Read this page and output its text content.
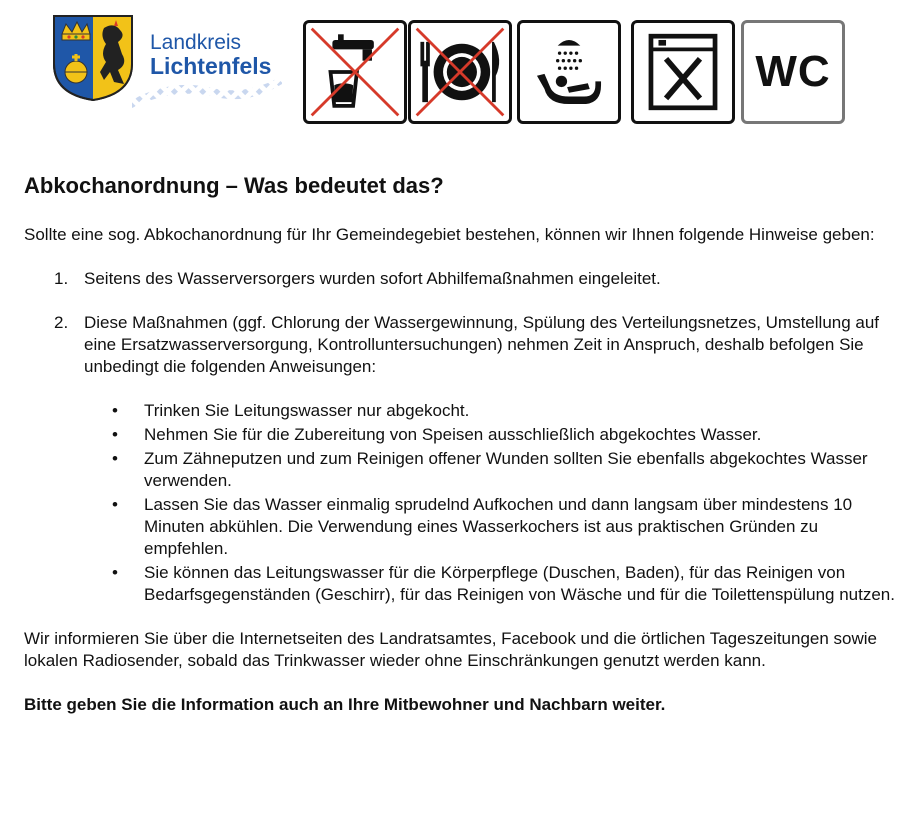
Landkreis
Lichtenfels	WC
Abkochanordnung – Was bedeutet das?

Sollte eine sog. Abkochanordnung für Ihr Gemeindegebiet bestehen, können wir Ihnen folgende Hinweise geben:

1. Seitens des Wasserversorgers wurden sofort Abhilfemaßnahmen eingeleitet.
2. Diese Maßnahmen (ggf. Chlorung der Wassergewinnung, Spülung des Verteilungsnetzes, Umstellung auf eine Ersatzwasserversorgung, Kontrolluntersuchungen) nehmen Zeit in Anspruch, deshalb befolgen Sie unbedingt die folgenden Anweisungen:
• Trinken Sie Leitungswasser nur abgekocht.
• Nehmen Sie für die Zubereitung von Speisen ausschließlich abgekochtes Wasser.
• Zum Zähneputzen und zum Reinigen offener Wunden sollten Sie ebenfalls abgekochtes Wasser verwenden.
• Lassen Sie das Wasser einmalig sprudelnd Aufkochen und dann langsam über mindestens 10 Minuten abkühlen. Die Verwendung eines Wasserkochers ist aus praktischen Gründen zu empfehlen.
• Sie können das Leitungswasser für die Körperpflege (Duschen, Baden), für das Reinigen von Bedarfsgegenständen (Geschirr), für das Reinigen von Wäsche und für die Toilettenspülung nutzen.

Wir informieren Sie über die Internetseiten des Landratsamtes, Facebook und die örtlichen Tageszeitungen sowie lokalen Radiosender, sobald das Trinkwasser wieder ohne Einschränkungen genutzt werden kann.

Bitte geben Sie die Information auch an Ihre Mitbewohner und Nachbarn weiter.
